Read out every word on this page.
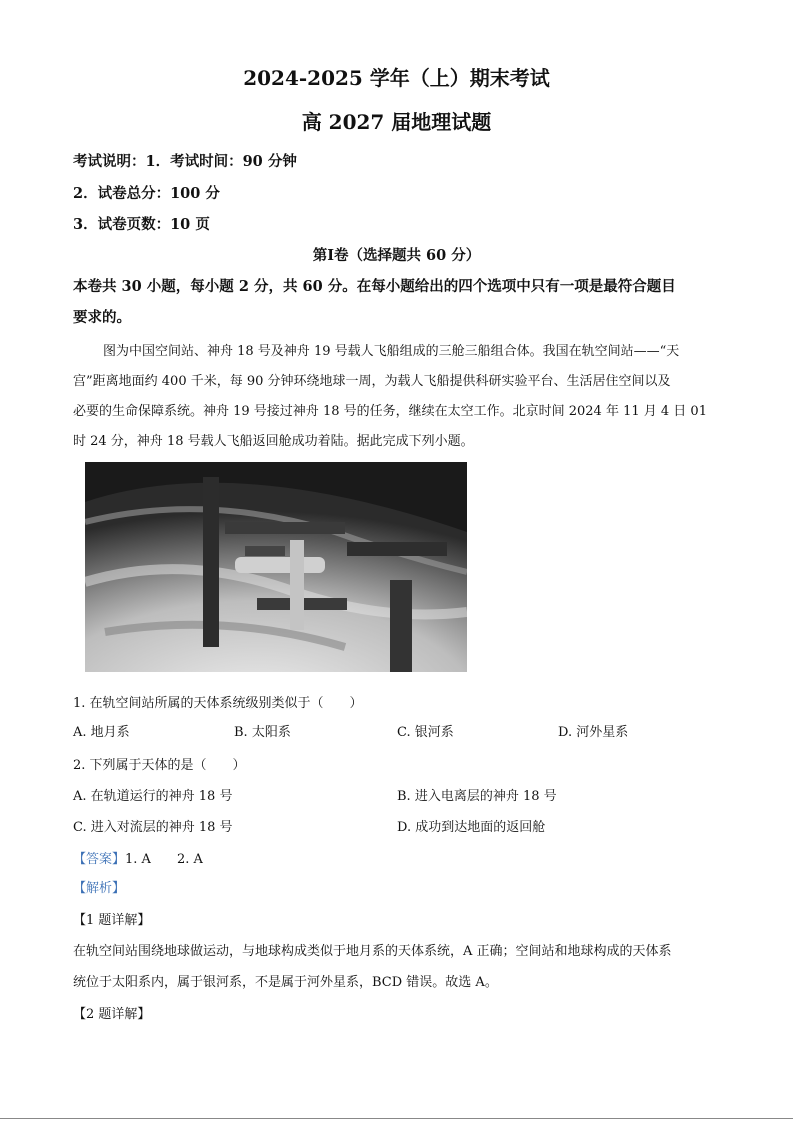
2024-2025 学年（上）期末考试
高 2027 届地理试题
考试说明：1．考试时间：90 分钟
2．试卷总分：100 分
3．试卷页数：10 页
第Ⅰ卷（选择题共 60 分）
本卷共 30 小题，每小题 2 分，共 60 分。在每小题给出的四个选项中只有一项是最符合题目
要求的。
图为中国空间站、神舟 18 号及神舟 19 号载人飞船组成的三舱三船组合体。我国在轨空间站——“天
宫”距离地面约 400 千米，每 90 分钟环绕地球一周，为载人飞船提供科研实验平台、生活居住空间以及
必要的生命保障系统。神舟 19 号接过神舟 18 号的任务，继续在太空工作。北京时间 2024 年 11 月 4 日 01
时 24 分，神舟 18 号载人飞船返回舱成功着陆。据此完成下列小题。
1. 在轨空间站所属的天体系统级别类似于（　　）
A. 地月系	B. 太阳系	C. 银河系	D. 河外星系
2. 下列属于天体的是（　　）
A. 在轨道运行的神舟 18 号	B. 进入电离层的神舟 18 号
C. 进入对流层的神舟 18 号	D. 成功到达地面的返回舱
【答案】1. A　　2. A
【解析】
【1 题详解】
在轨空间站围绕地球做运动，与地球构成类似于地月系的天体系统，A 正确；空间站和地球构成的天体系
统位于太阳系内，属于银河系，不是属于河外星系，BCD 错误。故选 A。
【2 题详解】
